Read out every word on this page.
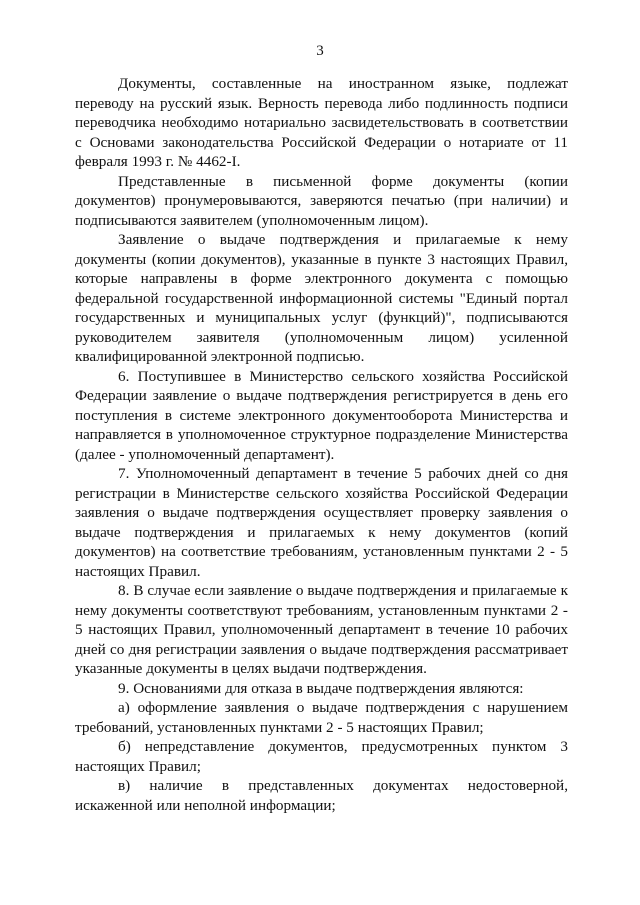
3

Документы, составленные на иностранном языке, подлежат переводу на русский язык. Верность перевода либо подлинность подписи переводчика необходимо нотариально засвидетельствовать в соответствии с Основами законодательства Российской Федерации о нотариате от 11 февраля 1993 г. № 4462-I.

Представленные в письменной форме документы (копии документов) пронумеровываются, заверяются печатью (при наличии) и подписываются заявителем (уполномоченным лицом).

Заявление о выдаче подтверждения и прилагаемые к нему документы (копии документов), указанные в пункте 3 настоящих Правил, которые направлены в форме электронного документа с помощью федеральной государственной информационной системы "Единый портал государственных и муниципальных услуг (функций)", подписываются руководителем заявителя (уполномоченным лицом) усиленной квалифицированной электронной подписью.

6. Поступившее в Министерство сельского хозяйства Российской Федерации заявление о выдаче подтверждения регистрируется в день его поступления в системе электронного документооборота Министерства и направляется в уполномоченное структурное подразделение Министерства (далее - уполномоченный департамент).

7. Уполномоченный департамент в течение 5 рабочих дней со дня регистрации в Министерстве сельского хозяйства Российской Федерации заявления о выдаче подтверждения осуществляет проверку заявления о выдаче подтверждения и прилагаемых к нему документов (копий документов) на соответствие требованиям, установленным пунктами 2 - 5 настоящих Правил.

8. В случае если заявление о выдаче подтверждения и прилагаемые к нему документы соответствуют требованиям, установленным пунктами 2 - 5 настоящих Правил, уполномоченный департамент в течение 10 рабочих дней со дня регистрации заявления о выдаче подтверждения рассматривает указанные документы в целях выдачи подтверждения.

9. Основаниями для отказа в выдаче подтверждения являются:

а) оформление заявления о выдаче подтверждения с нарушением требований, установленных пунктами 2 - 5 настоящих Правил;

б) непредставление документов, предусмотренных пунктом 3 настоящих Правил;

в) наличие в представленных документах недостоверной, искаженной или неполной информации;
